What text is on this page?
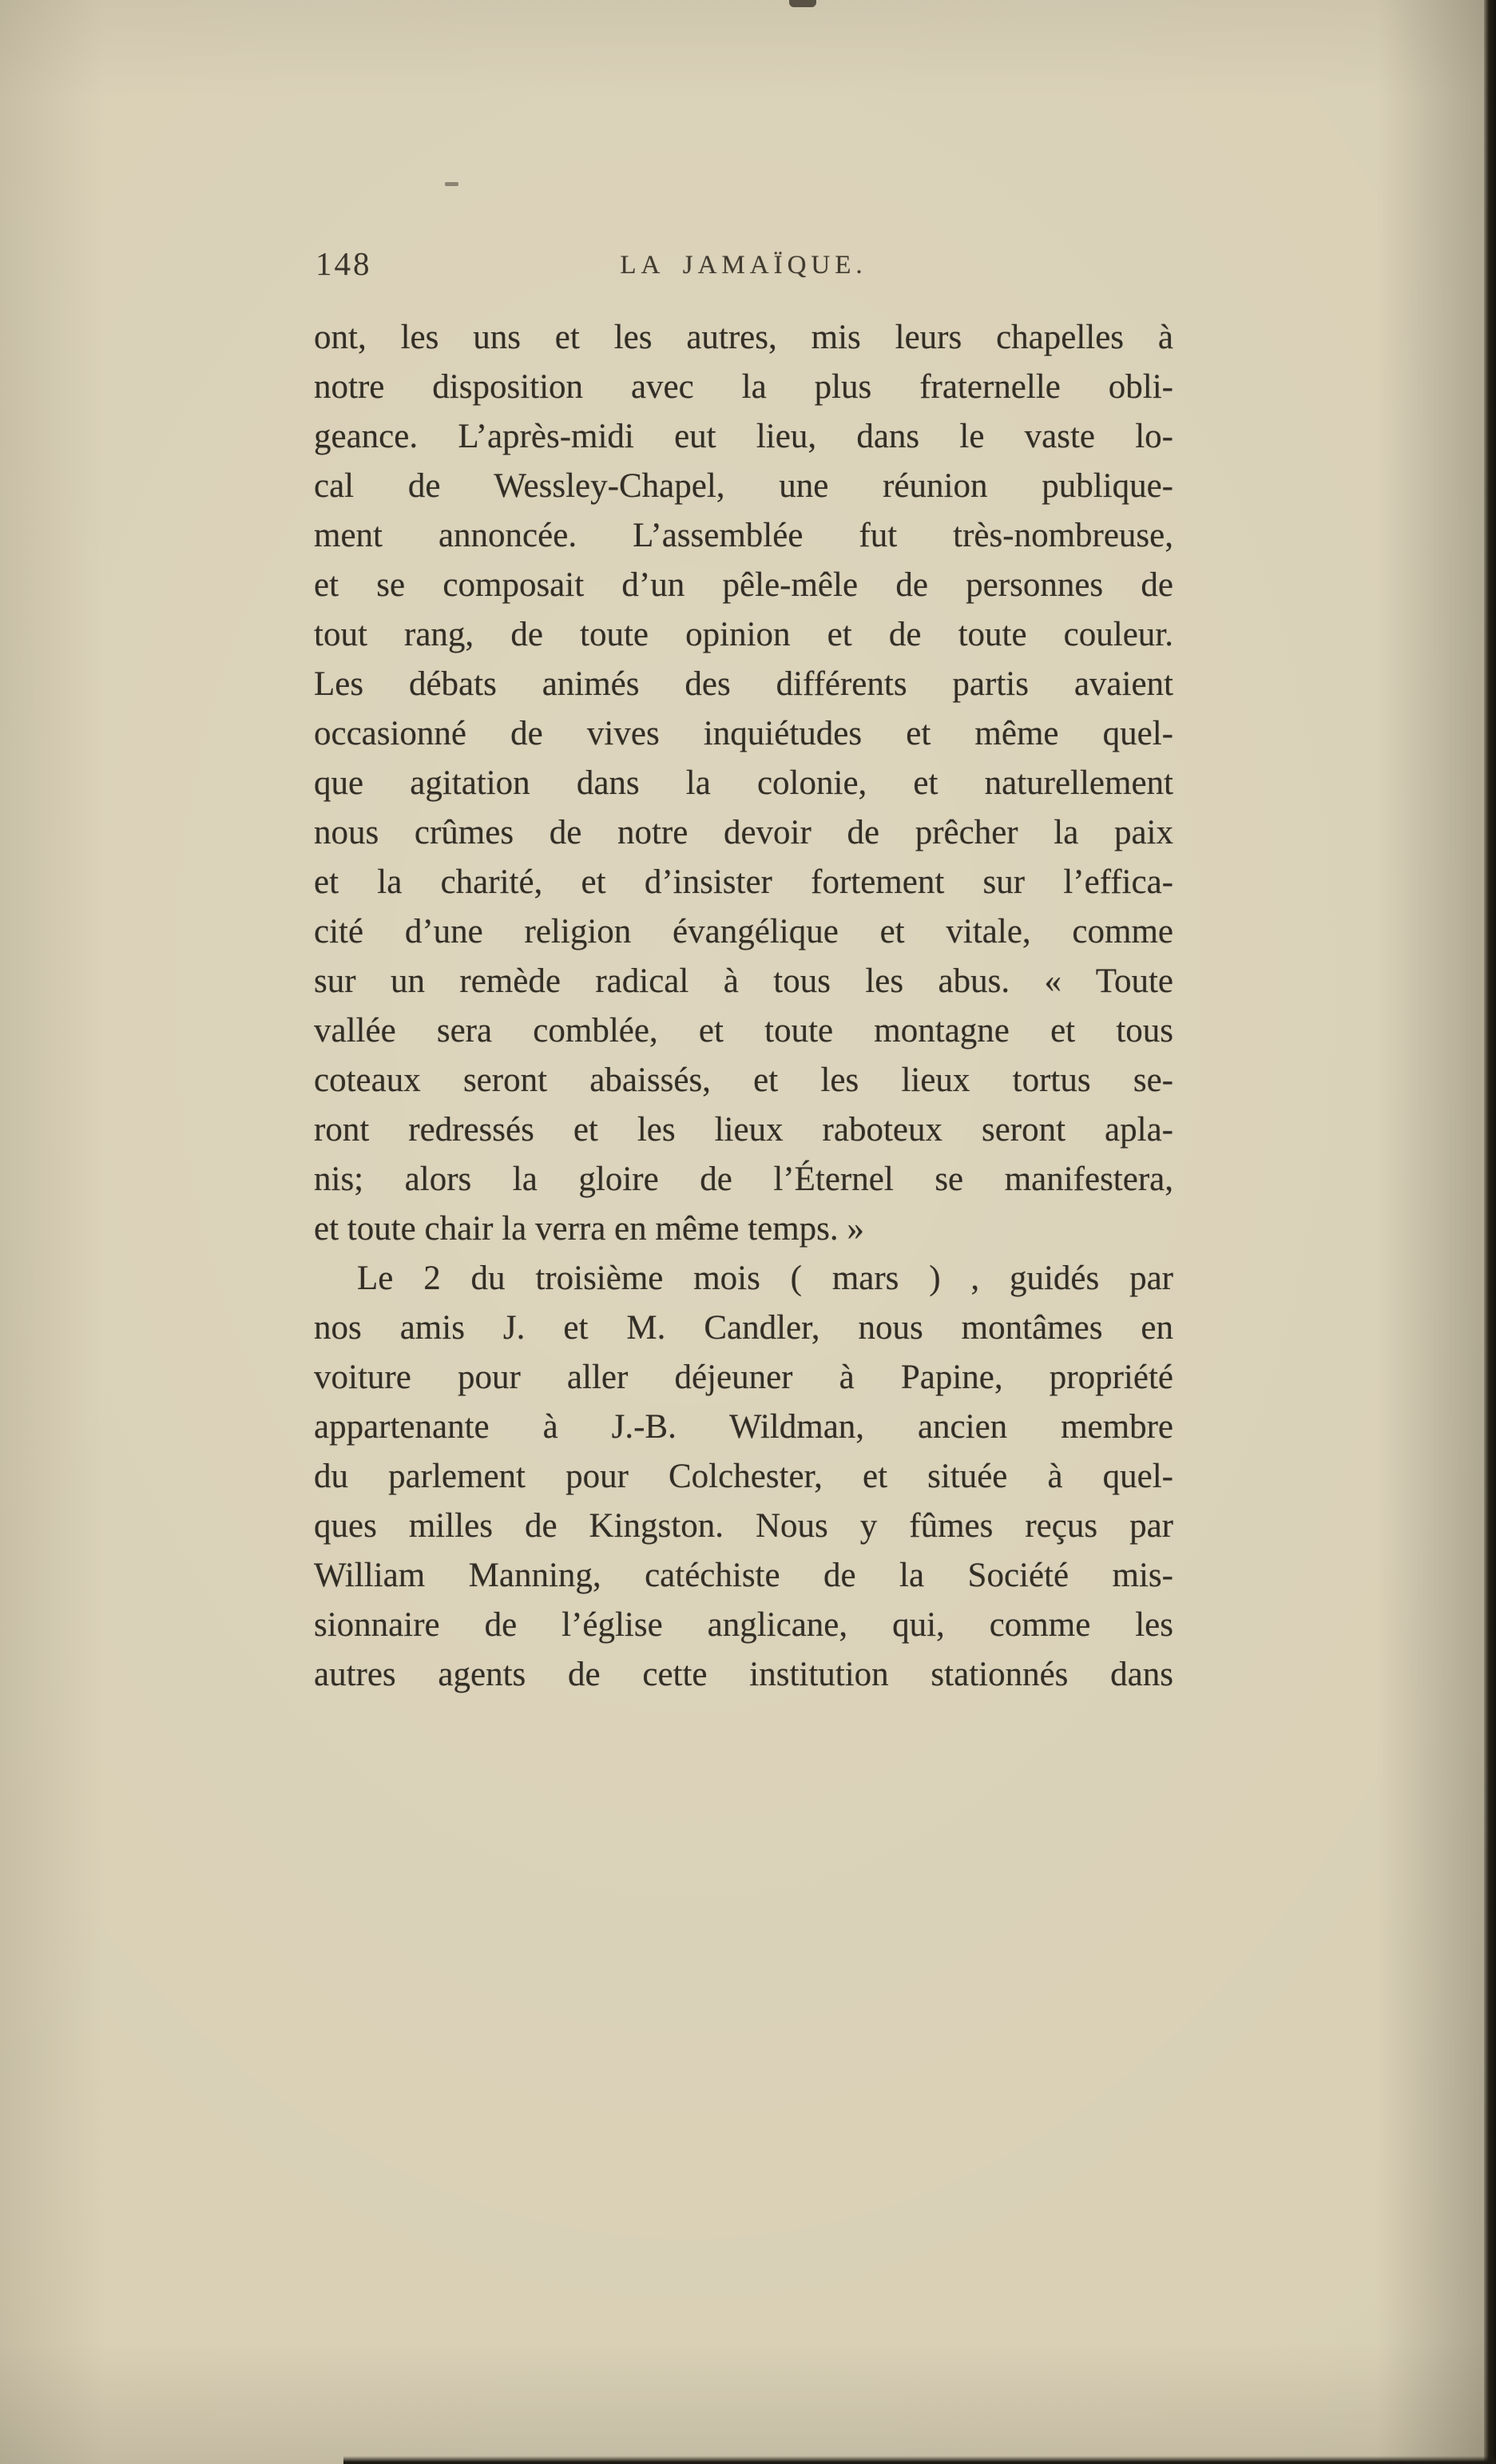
148	LA JAMAÏQUE.
ont, les uns et les autres, mis leurs chapelles à
notre disposition avec la plus fraternelle obli-
geance. L’après-midi eut lieu, dans le vaste lo-
cal de Wessley-Chapel, une réunion publique-
ment annoncée. L’assemblée fut très-nombreuse,
et se composait d’un pêle-mêle de personnes de
tout rang, de toute opinion et de toute couleur.
Les débats animés des différents partis avaient
occasionné de vives inquiétudes et même quel-
que agitation dans la colonie, et naturellement
nous crûmes de notre devoir de prêcher la paix
et la charité, et d’insister fortement sur l’effica-
cité d’une religion évangélique et vitale, comme
sur un remède radical à tous les abus. « Toute
vallée sera comblée, et toute montagne et tous
coteaux seront abaissés, et les lieux tortus se-
ront redressés et les lieux raboteux seront apla-
nis; alors la gloire de l’Éternel se manifestera,
et toute chair la verra en même temps. »
Le 2 du troisième mois ( mars ) , guidés par
nos amis J. et M. Candler, nous montâmes en
voiture pour aller déjeuner à Papine, propriété
appartenante à J.-B. Wildman, ancien membre
du parlement pour Colchester, et située à quel-
ques milles de Kingston. Nous y fûmes reçus par
William Manning, catéchiste de la Société mis-
sionnaire de l’église anglicane, qui, comme les
autres agents de cette institution stationnés dans
